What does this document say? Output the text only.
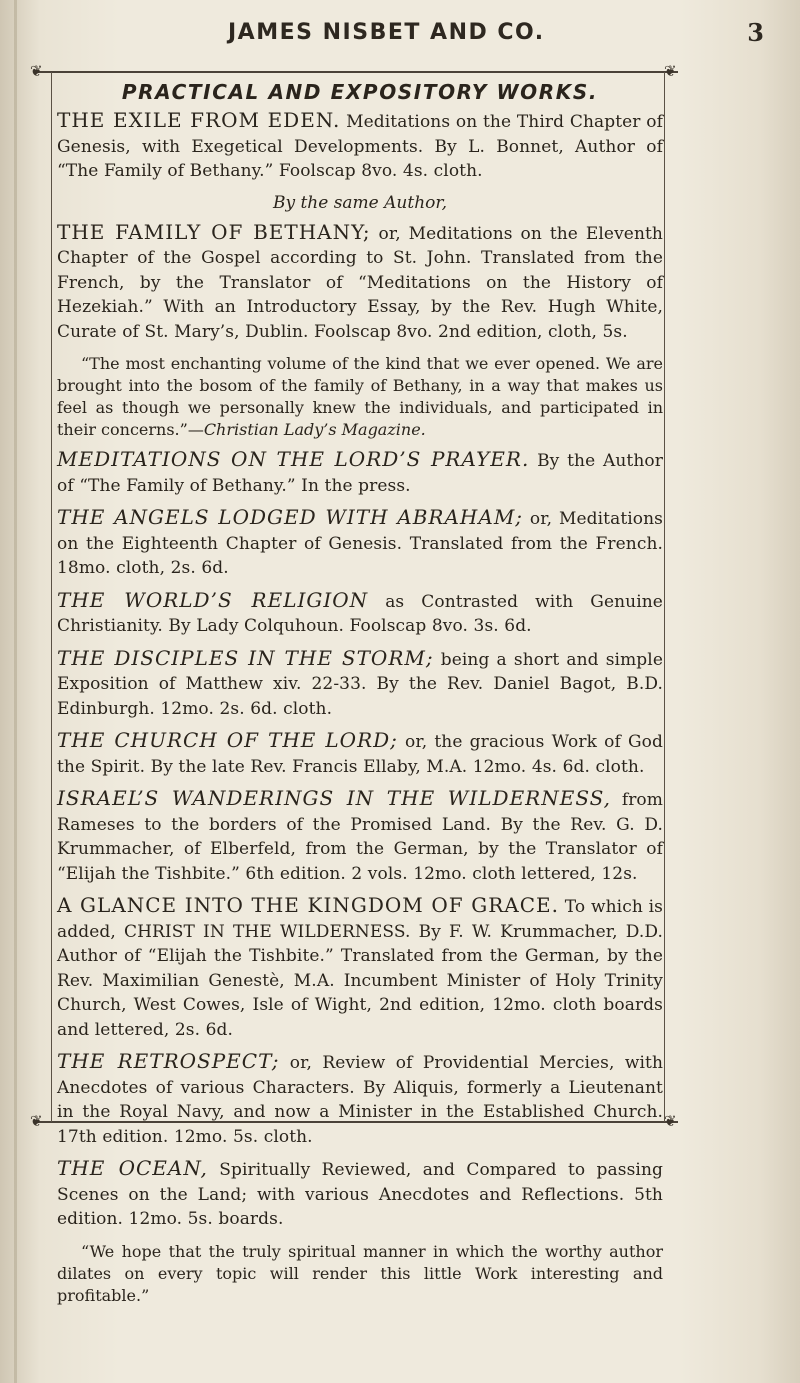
JAMES NISBET AND CO.	3
❦	❦
❦	❦
PRACTICAL AND EXPOSITORY WORKS.

THE EXILE FROM EDEN. Meditations on the Third Chapter of Genesis, with Exegetical Developments. By L. Bonnet, Author of “The Family of Bethany.” Foolscap 8vo. 4s. cloth.

By the same Author,

THE FAMILY OF BETHANY; or, Meditations on the Eleventh Chapter of the Gospel according to St. John. Translated from the French, by the Translator of “Meditations on the History of Hezekiah.” With an Introductory Essay, by the Rev. Hugh White, Curate of St. Mary’s, Dublin. Foolscap 8vo. 2nd edition, cloth, 5s.

“The most enchanting volume of the kind that we ever opened. We are brought into the bosom of the family of Bethany, in a way that makes us feel as though we personally knew the individuals, and participated in their concerns.”—Christian Lady’s Magazine.

MEDITATIONS ON THE LORD’S PRAYER. By the Author of “The Family of Bethany.” In the press.

THE ANGELS LODGED WITH ABRAHAM; or, Meditations on the Eighteenth Chapter of Genesis. Translated from the French. 18mo. cloth, 2s. 6d.

THE WORLD’S RELIGION as Contrasted with Genuine Christianity. By Lady Colquhoun. Foolscap 8vo. 3s. 6d.

THE DISCIPLES IN THE STORM; being a short and simple Exposition of Matthew xiv. 22-33. By the Rev. Daniel Bagot, B.D. Edinburgh. 12mo. 2s. 6d. cloth.

THE CHURCH OF THE LORD; or, the gracious Work of God the Spirit. By the late Rev. Francis Ellaby, M.A. 12mo. 4s. 6d. cloth.

ISRAEL’S WANDERINGS IN THE WILDERNESS, from Rameses to the borders of the Promised Land. By the Rev. G. D. Krummacher, of Elberfeld, from the German, by the Translator of “Elijah the Tishbite.” 6th edition. 2 vols. 12mo. cloth lettered, 12s.

A GLANCE INTO THE KINGDOM OF GRACE. To which is added, CHRIST IN THE WILDERNESS. By F. W. Krummacher, D.D. Author of “Elijah the Tishbite.” Translated from the German, by the Rev. Maximilian Genestè, M.A. Incumbent Minister of Holy Trinity Church, West Cowes, Isle of Wight, 2nd edition, 12mo. cloth boards and lettered, 2s. 6d.

THE RETROSPECT; or, Review of Providential Mercies, with Anecdotes of various Characters. By Aliquis, formerly a Lieutenant in the Royal Navy, and now a Minister in the Established Church. 17th edition. 12mo. 5s. cloth.

THE OCEAN, Spiritually Reviewed, and Compared to passing Scenes on the Land; with various Anecdotes and Reflections. 5th edition. 12mo. 5s. boards.

“We hope that the truly spiritual manner in which the worthy author dilates on every topic will render this little Work interesting and profitable.”
